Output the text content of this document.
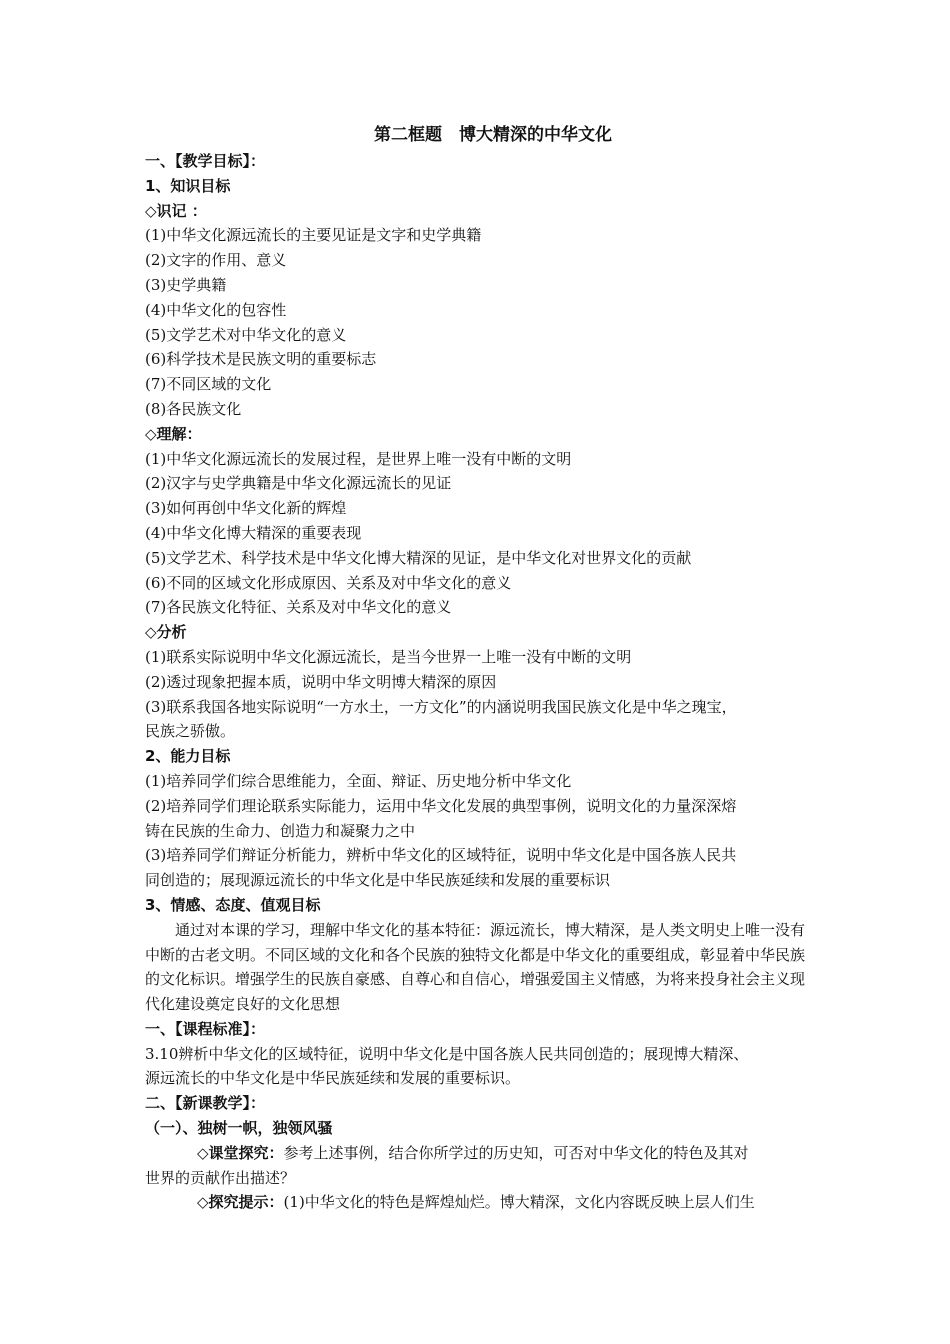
第二框题　博大精深的中华文化
一、【教学目标】：
1、知识目标
◇识记 ：
(1)中华文化源远流长的主要见证是文字和史学典籍
(2)文字的作用、意义
(3)史学典籍
(4)中华文化的包容性
(5)文学艺术对中华文化的意义
(6)科学技术是民族文明的重要标志
(7)不同区域的文化
(8)各民族文化
◇理解：
(1)中华文化源远流长的发展过程，是世界上唯一没有中断的文明
(2)汉字与史学典籍是中华文化源远流长的见证
(3)如何再创中华文化新的辉煌
(4)中华文化博大精深的重要表现
(5)文学艺术、科学技术是中华文化博大精深的见证，是中华文化对世界文化的贡献
(6)不同的区域文化形成原因、关系及对中华文化的意义
(7)各民族文化特征、关系及对中华文化的意义
◇分析
(1)联系实际说明中华文化源远流长，是当今世界一上唯一没有中断的文明
(2)透过现象把握本质，说明中华文明博大精深的原因
(3)联系我国各地实际说明“一方水土，一方文化”的内涵说明我国民族文化是中华之瑰宝，
民族之骄傲。
2、能力目标
(1)培养同学们综合思维能力，全面、辩证、历史地分析中华文化
(2)培养同学们理论联系实际能力，运用中华文化发展的典型事例，说明文化的力量深深熔
铸在民族的生命力、创造力和凝聚力之中
(3)培养同学们辩证分析能力，辨析中华文化的区域特征，说明中华文化是中国各族人民共
同创造的；展现源远流长的中华文化是中华民族延续和发展的重要标识
3、情感、态度、值观目标
通过对本课的学习，理解中华文化的基本特征：源远流长，博大精深，是人类文明史上唯一没有中断的古老文明。不同区域的文化和各个民族的独特文化都是中华文化的重要组成，彰显着中华民族的文化标识。增强学生的民族自豪感、自尊心和自信心，增强爱国主义情感，为将来投身社会主义现代化建设奠定良好的文化思想
一、【课程标准】：
3.10辨析中华文化的区域特征，说明中华文化是中国各族人民共同创造的；展现博大精深、
源远流长的中华文化是中华民族延续和发展的重要标识。
二、【新课教学】：
（一）、独树一帜，独领风骚
◇课堂探究：参考上述事例，结合你所学过的历史知，可否对中华文化的特色及其对
世界的贡献作出描述？
◇探究提示：(1)中华文化的特色是辉煌灿烂。博大精深，文化内容既反映上层人们生
